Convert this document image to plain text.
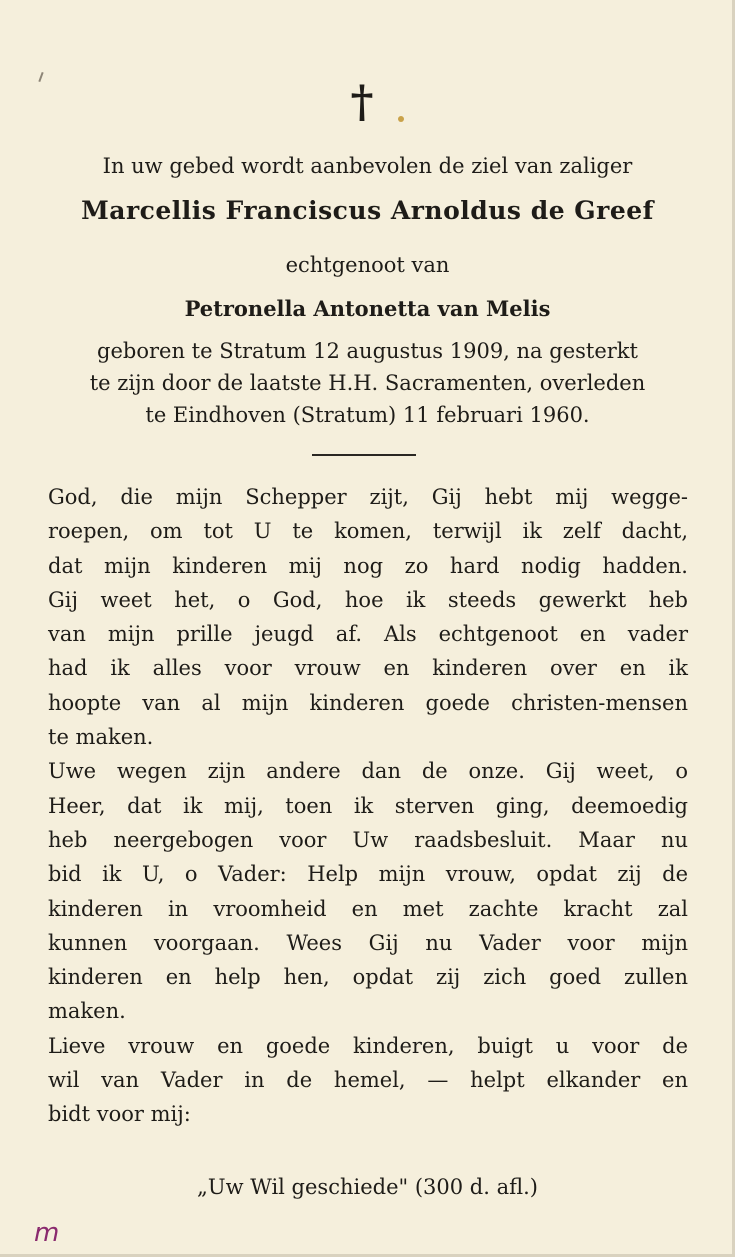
†
In uw gebed wordt aanbevolen de ziel van zaliger
Marcellis Franciscus Arnoldus de Greef
echtgenoot van
Petronella Antonetta van Melis
geboren te Stratum 12 augustus 1909, na gesterkt
te zijn door de laatste H.H. Sacramenten, overleden
te Eindhoven (Stratum) 11 februari 1960.
God, die mijn Schepper zijt, Gij hebt mij wegge-
roepen, om tot U te komen, terwijl ik zelf dacht,
dat mijn kinderen mij nog zo hard nodig hadden.
Gij weet het, o God, hoe ik steeds gewerkt heb
van mijn prille jeugd af. Als echtgenoot en vader
had ik alles voor vrouw en kinderen over en ik
hoopte van al mijn kinderen goede christen-mensen
te maken.
Uwe wegen zijn andere dan de onze. Gij weet, o
Heer, dat ik mij, toen ik sterven ging, deemoedig
heb neergebogen voor Uw raadsbesluit. Maar nu
bid ik U, o Vader: Help mijn vrouw, opdat zij de
kinderen in vroomheid en met zachte kracht zal
kunnen voorgaan. Wees Gij nu Vader voor mijn
kinderen en help hen, opdat zij zich goed zullen
maken.
Lieve vrouw en goede kinderen, buigt u voor de
wil van Vader in de hemel, — helpt elkander en
bidt voor mij:
„Uw Wil geschiede" (300 d. afl.)
m
